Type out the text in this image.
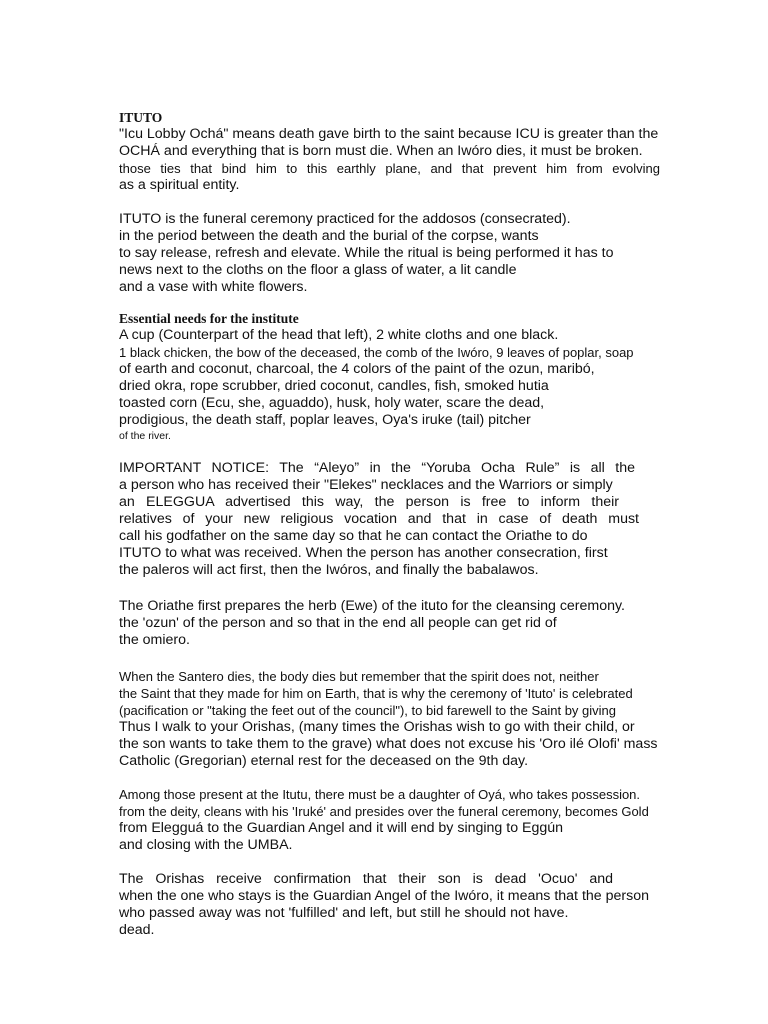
ITUTO
"Icu Lobby Ochá" means death gave birth to the saint because ICU is greater than the
OCHÁ and everything that is born must die. When an Iwóro dies, it must be broken.
those ties that bind him to this earthly plane, and that prevent him from evolving
as a spiritual entity.
ITUTO is the funeral ceremony practiced for the addosos (consecrated).
in the period between the death and the burial of the corpse, wants
to say release, refresh and elevate. While the ritual is being performed it has to
news next to the cloths on the floor a glass of water, a lit candle
and a vase with white flowers.
Essential needs for the institute
A cup (Counterpart of the head that left), 2 white cloths and one black.
1 black chicken, the bow of the deceased, the comb of the Iwóro, 9 leaves of poplar, soap
of earth and coconut, charcoal, the 4 colors of the paint of the ozun, maribó,
dried okra, rope scrubber, dried coconut, candles, fish, smoked hutia
toasted corn (Ecu, she, aguaddo), husk, holy water, scare the dead,
prodigious, the death staff, poplar leaves, Oya's iruke (tail) pitcher
of the river.
IMPORTANT NOTICE: The “Aleyo” in the “Yoruba Ocha Rule” is all the
a person who has received their "Elekes" necklaces and the Warriors or simply
an ELEGGUA advertised this way, the person is free to inform their
relatives of your new religious vocation and that in case of death must
call his godfather on the same day so that he can contact the Oriathe to do
ITUTO to what was received. When the person has another consecration, first
the paleros will act first, then the Iwóros, and finally the babalawos.
The Oriathe first prepares the herb (Ewe) of the ituto for the cleansing ceremony.
the 'ozun' of the person and so that in the end all people can get rid of
the omiero.
When the Santero dies, the body dies but remember that the spirit does not, neither
the Saint that they made for him on Earth, that is why the ceremony of 'Ituto' is celebrated
(pacification or "taking the feet out of the council"), to bid farewell to the Saint by giving
Thus I walk to your Orishas, (many times the Orishas wish to go with their child, or
the son wants to take them to the grave) what does not excuse his 'Oro ilé Olofi' mass
Catholic (Gregorian) eternal rest for the deceased on the 9th day.
Among those present at the Itutu, there must be a daughter of Oyá, who takes possession.
from the deity, cleans with his 'Iruké' and presides over the funeral ceremony, becomes Gold
from Elegguá to the Guardian Angel and it will end by singing to Eggún
and closing with the UMBA.
The Orishas receive confirmation that their son is dead 'Ocuo' and
when the one who stays is the Guardian Angel of the Iwóro, it means that the person
who passed away was not 'fulfilled' and left, but still he should not have.
dead.
